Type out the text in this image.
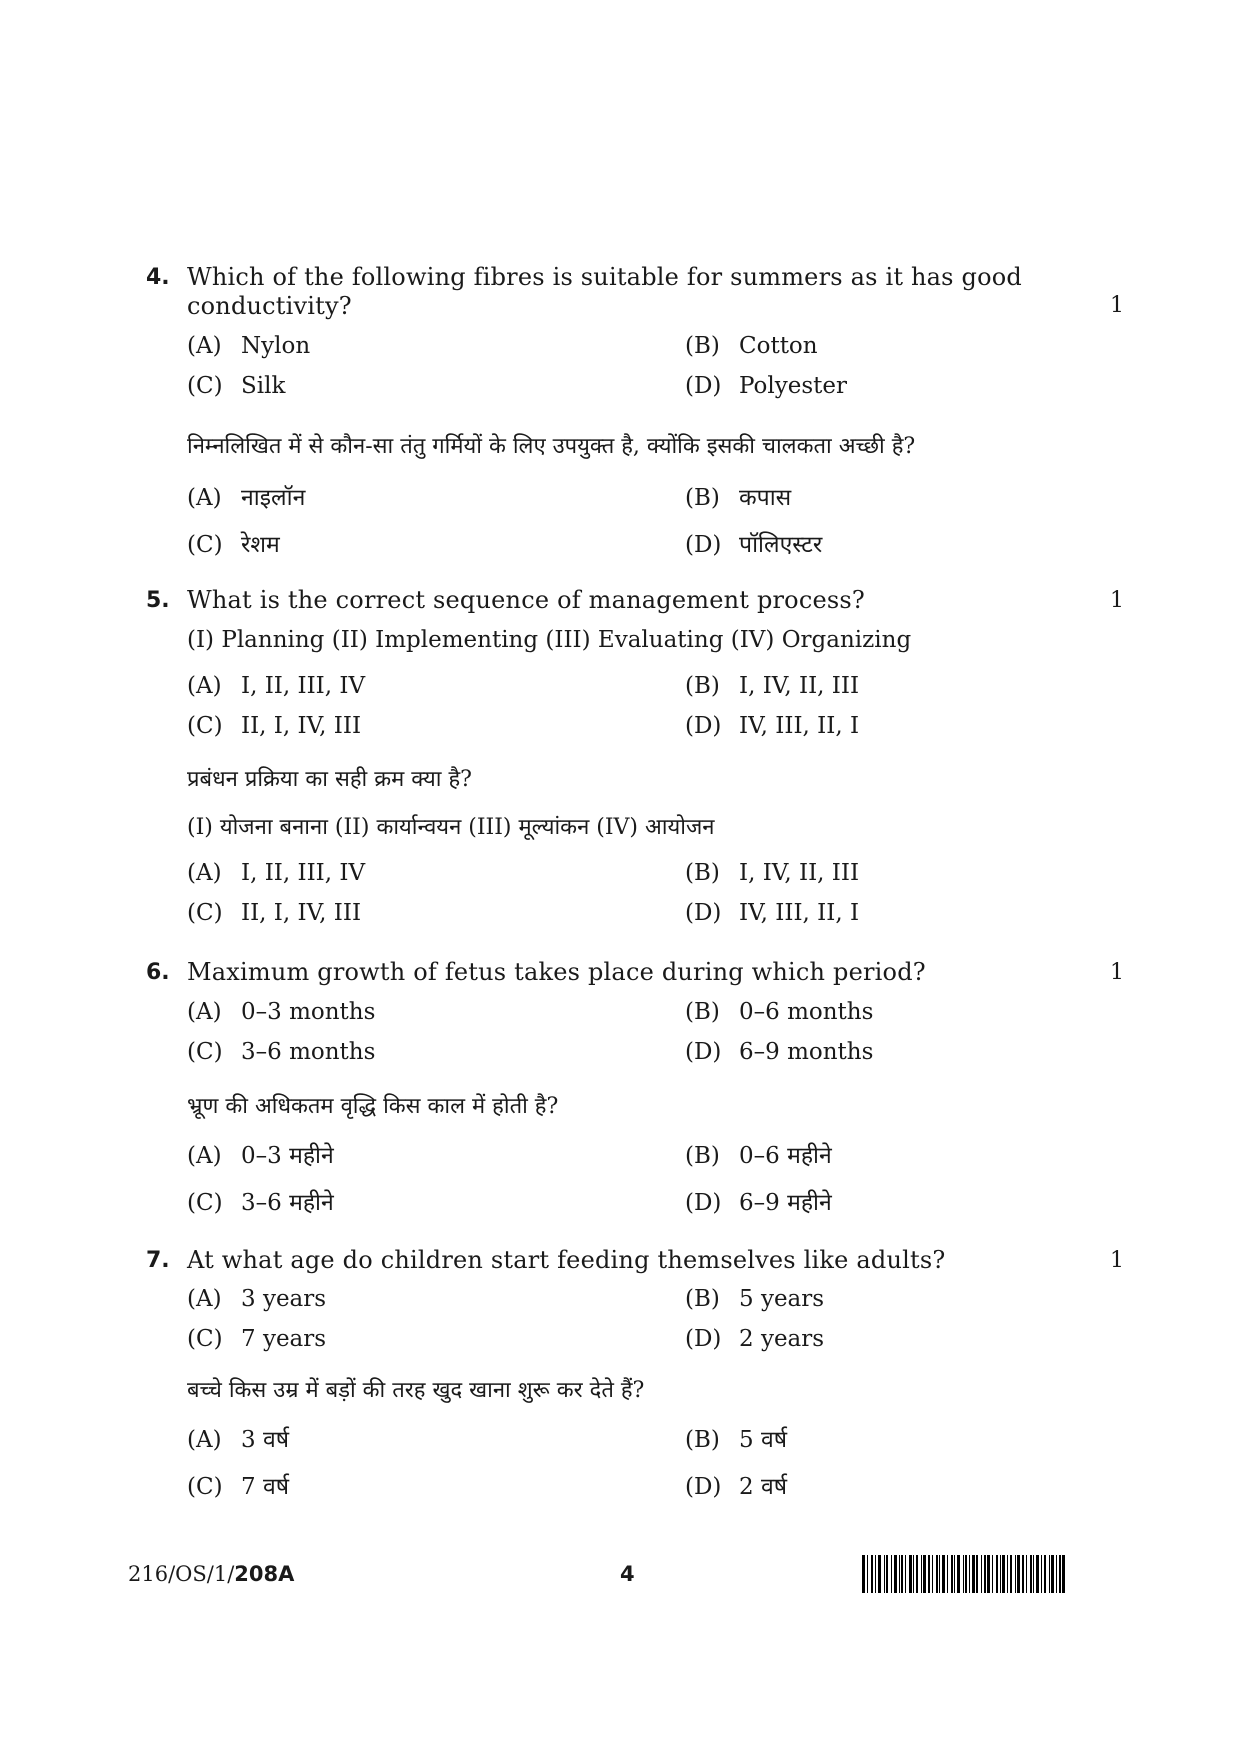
4. Which of the following fibres is suitable for summers as it has good
conductivity?	1
(A) Nylon	(B) Cotton
(C) Silk	(D) Polyester
निम्नलिखित में से कौन-सा तंतु गर्मियों के लिए उपयुक्त है, क्योंकि इसकी चालकता अच्छी है?
(A) नाइलॉन	(B) कपास
(C) रेशम	(D) पॉलिएस्टर
5. What is the correct sequence of management process?	1
(I) Planning (II) Implementing (III) Evaluating (IV) Organizing
(A) I, II, III, IV	(B) I, IV, II, III
(C) II, I, IV, III	(D) IV, III, II, I
प्रबंधन प्रक्रिया का सही क्रम क्या है?
(I) योजना बनाना (II) कार्यान्वयन (III) मूल्यांकन (IV) आयोजन
(A) I, II, III, IV	(B) I, IV, II, III
(C) II, I, IV, III	(D) IV, III, II, I
6. Maximum growth of fetus takes place during which period?	1
(A) 0–3 months	(B) 0–6 months
(C) 3–6 months	(D) 6–9 months
भ्रूण की अधिकतम वृद्धि किस काल में होती है?
(A) 0–3 महीने	(B) 0–6 महीने
(C) 3–6 महीने	(D) 6–9 महीने
7. At what age do children start feeding themselves like adults?	1
(A) 3 years	(B) 5 years
(C) 7 years	(D) 2 years
बच्चे किस उम्र में बड़ों की तरह खुद खाना शुरू कर देते हैं?
(A) 3 वर्ष	(B) 5 वर्ष
(C) 7 वर्ष	(D) 2 वर्ष
216/OS/1/208A	4
